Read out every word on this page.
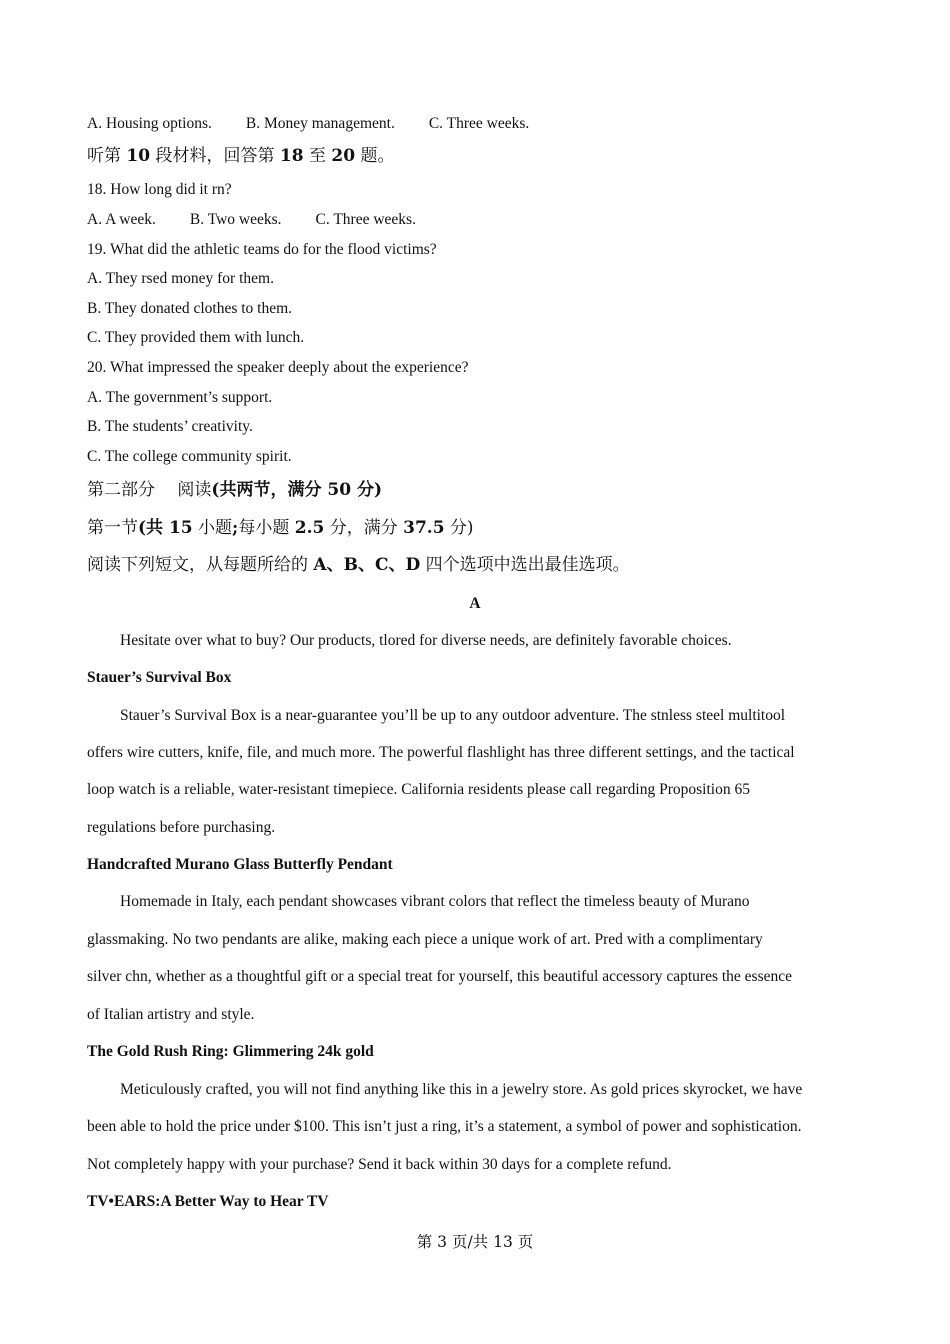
A. Housing options. B. Money management. C. Three weeks.
听第 10 段材料，回答第 18 至 20 题。
18. How long did it rn?
A. A week. B. Two weeks. C. Three weeks.
19. What did the athletic teams do for the flood victims?
A. They rsed money for them.
B. They donated clothes to them.
C. They provided them with lunch.
20. What impressed the speaker deeply about the experience?
A. The government’s support.
B. The students’ creativity.
C. The college community spirit.
第二部分　 阅读(共两节，满分 50 分)
第一节(共 15 小题;每小题 2.5 分，满分 37.5 分)
阅读下列短文，从每题所给的 A、B、C、D 四个选项中选出最佳选项。
A
Hesitate over what to buy? Our products, tlored for diverse needs, are definitely favorable choices.
Stauer’s Survival Box
Stauer’s Survival Box is a near-guarantee you’ll be up to any outdoor adventure. The stnless steel multitool
offers wire cutters, knife, file, and much more. The powerful flashlight has three different settings, and the tactical
loop watch is a reliable, water-resistant timepiece. California residents please call regarding Proposition 65
regulations before purchasing.
Handcrafted Murano Glass Butterfly Pendant
Homemade in Italy, each pendant showcases vibrant colors that reflect the timeless beauty of Murano
glassmaking. No two pendants are alike, making each piece a unique work of art. Pred with a complimentary
silver chn, whether as a thoughtful gift or a special treat for yourself, this beautiful accessory captures the essence
of Italian artistry and style.
The Gold Rush Ring: Glimmering 24k gold
Meticulously crafted, you will not find anything like this in a jewelry store. As gold prices skyrocket, we have
been able to hold the price under $100. This isn’t just a ring, it’s a statement, a symbol of power and sophistication.
Not completely happy with your purchase? Send it back within 30 days for a complete refund.
TV•EARS:A Better Way to Hear TV
第 3 页/共 13 页
